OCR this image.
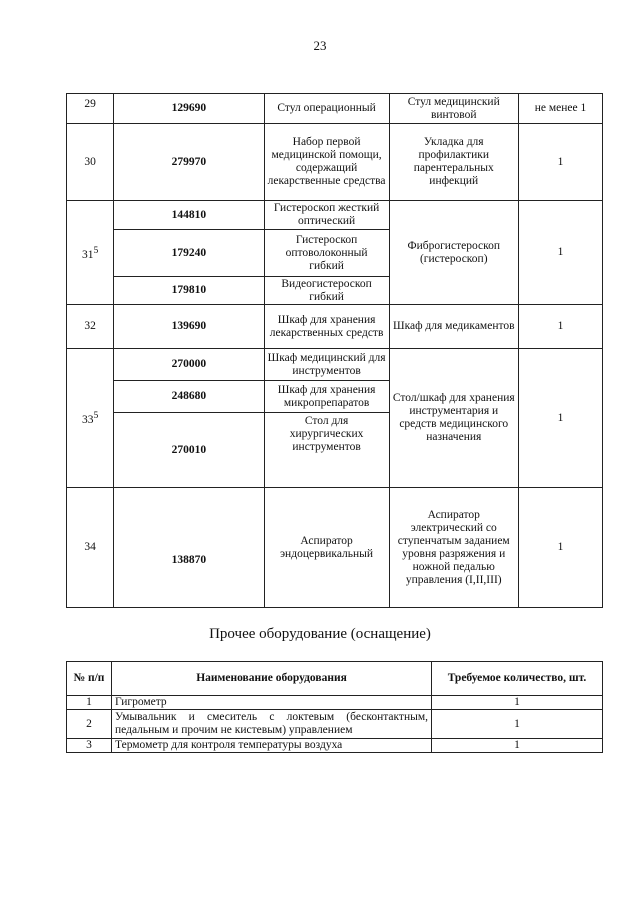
23
29	129690	Стул операционный	Стул медицинский винтовой	не менее 1
30	279970	Набор первой медицинской помощи, содержащий лекарственные средства	Укладка для профилактики парентеральных инфекций	1
$31^5$	144810	Гистероскоп жесткий оптический	Фиброгистероскоп (гистероскоп)	1
	179240	Гистероскоп оптоволоконный гибкий		
	179810	Видеогистероскоп гибкий		
32	139690	Шкаф для хранения лекарственных средств	Шкаф для медикаментов	1
$33^5$	270000	Шкаф медицинский для инструментов	Стол/шкаф для хранения инструментария и средств медицинского назначения	1
	248680	Шкаф для хранения микропрепаратов		
	270010	Стол для хирургических инструментов		
34	138870	Аспиратор эндоцервикальный	Аспиратор электрический со ступенчатым заданием уровня разряжения и ножной педалью управления (I,II,III)	1
Прочее оборудование (оснащение)
№ п/п	Наименование оборудования	Требуемое количество, шт.
1	Гигрометр	1
2	Умывальник и смеситель с локтевым (бесконтактным, педальным и прочим не кистевым) управлением	1
3	Термометр для контроля температуры воздуха	1
